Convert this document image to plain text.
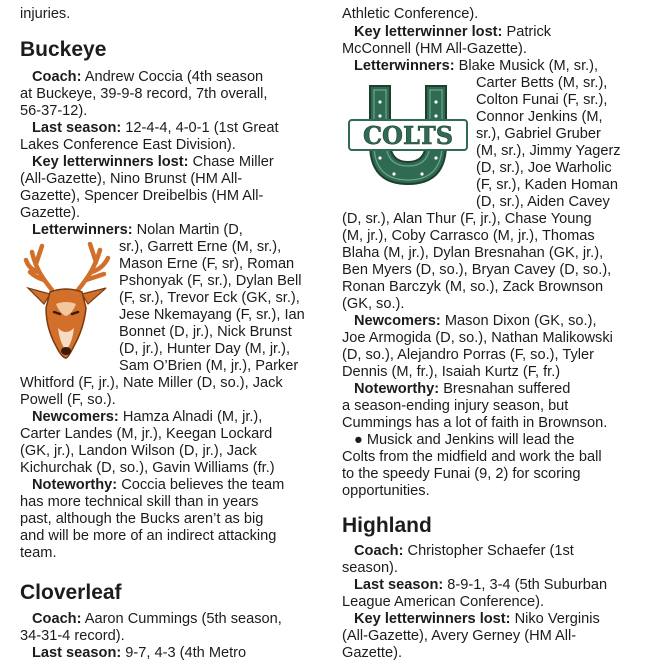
injuries.
Buckeye
Coach: Andrew Coccia (4th season
at Buckeye, 39-9-8 record, 7th overall,
56-37-12).
Last season: 12-4-4, 4-0-1 (1st Great
Lakes Conference East Division).
Key letterwinners lost: Chase Miller
(All-Gazette), Nino Brunst (HM All-
Gazette), Spencer Dreibelbis (HM All-
Gazette).
Letterwinners: Nolan Martin (D,
sr.), Garrett Erne (M, sr.),
Mason Erne (F, sr), Roman
Pshonyak (F, sr.), Dylan Bell
(F, sr.), Trevor Eck (GK, sr.),
Jese Nkemayang (F, sr.), Ian
Bonnet (D, jr.), Nick Brunst
(D, jr.), Hunter Day (M, jr.),
Sam O’Brien (M, jr.), Parker
Whitford (F, jr.), Nate Miller (D, so.), Jack
Powell (F, so.).
Newcomers: Hamza Alnadi (M, jr.),
Carter Landes (M, jr.), Keegan Lockard
(GK, jr.), Landon Wilson (D, jr.), Jack
Kichurchak (D, so.), Gavin Williams (fr.)
Noteworthy: Coccia believes the team
has more technical skill than in years
past, although the Bucks aren’t as big
and will be more of an indirect attacking
team.
Cloverleaf
Coach: Aaron Cummings (5th season,
34-31-4 record).
Last season: 9-7, 4-3 (4th Metro
Athletic Conference).
Key letterwinner lost: Patrick
McConnell (HM All-Gazette).
Letterwinners: Blake Musick (M, sr.),
Carter Betts (M, sr.),
Colton Funai (F, sr.),
Connor Jenkins (M,
sr.), Gabriel Gruber
(M, sr.), Jimmy Yagerz
(D, sr.), Joe Warholic
(F, sr.), Kaden Homan
(D, sr.), Aiden Cavey
(D, sr.), Alan Thur (F, jr.), Chase Young
(M, jr.), Coby Carrasco (M, jr.), Thomas
Blaha (M, jr.), Dylan Bresnahan (GK, jr.),
Ben Myers (D, so.), Bryan Cavey (D, so.),
Ronan Barczyk (M, so.), Zack Brownson
(GK, so.).
Newcomers: Mason Dixon (GK, so.),
Joe Armogida (D, so.), Nathan Malikowski
(D, so.), Alejandro Porras (F, so.), Tyler
Dennis (M, fr.), Isaiah Kurtz (F, fr.)
Noteworthy: Bresnahan suffered
a season-ending injury season, but
Cummings has a lot of faith in Brownson.
● Musick and Jenkins will lead the
Colts from the midfield and work the ball
to the speedy Funai (9, 2) for scoring
opportunities.
Highland
Coach: Christopher Schaefer (1st
season).
Last season: 8-9-1, 3-4 (5th Suburban
League American Conference).
Key letterwinners lost: Niko Verginis
(All-Gazette), Avery Gerney (HM All-
Gazette).
COLTS
